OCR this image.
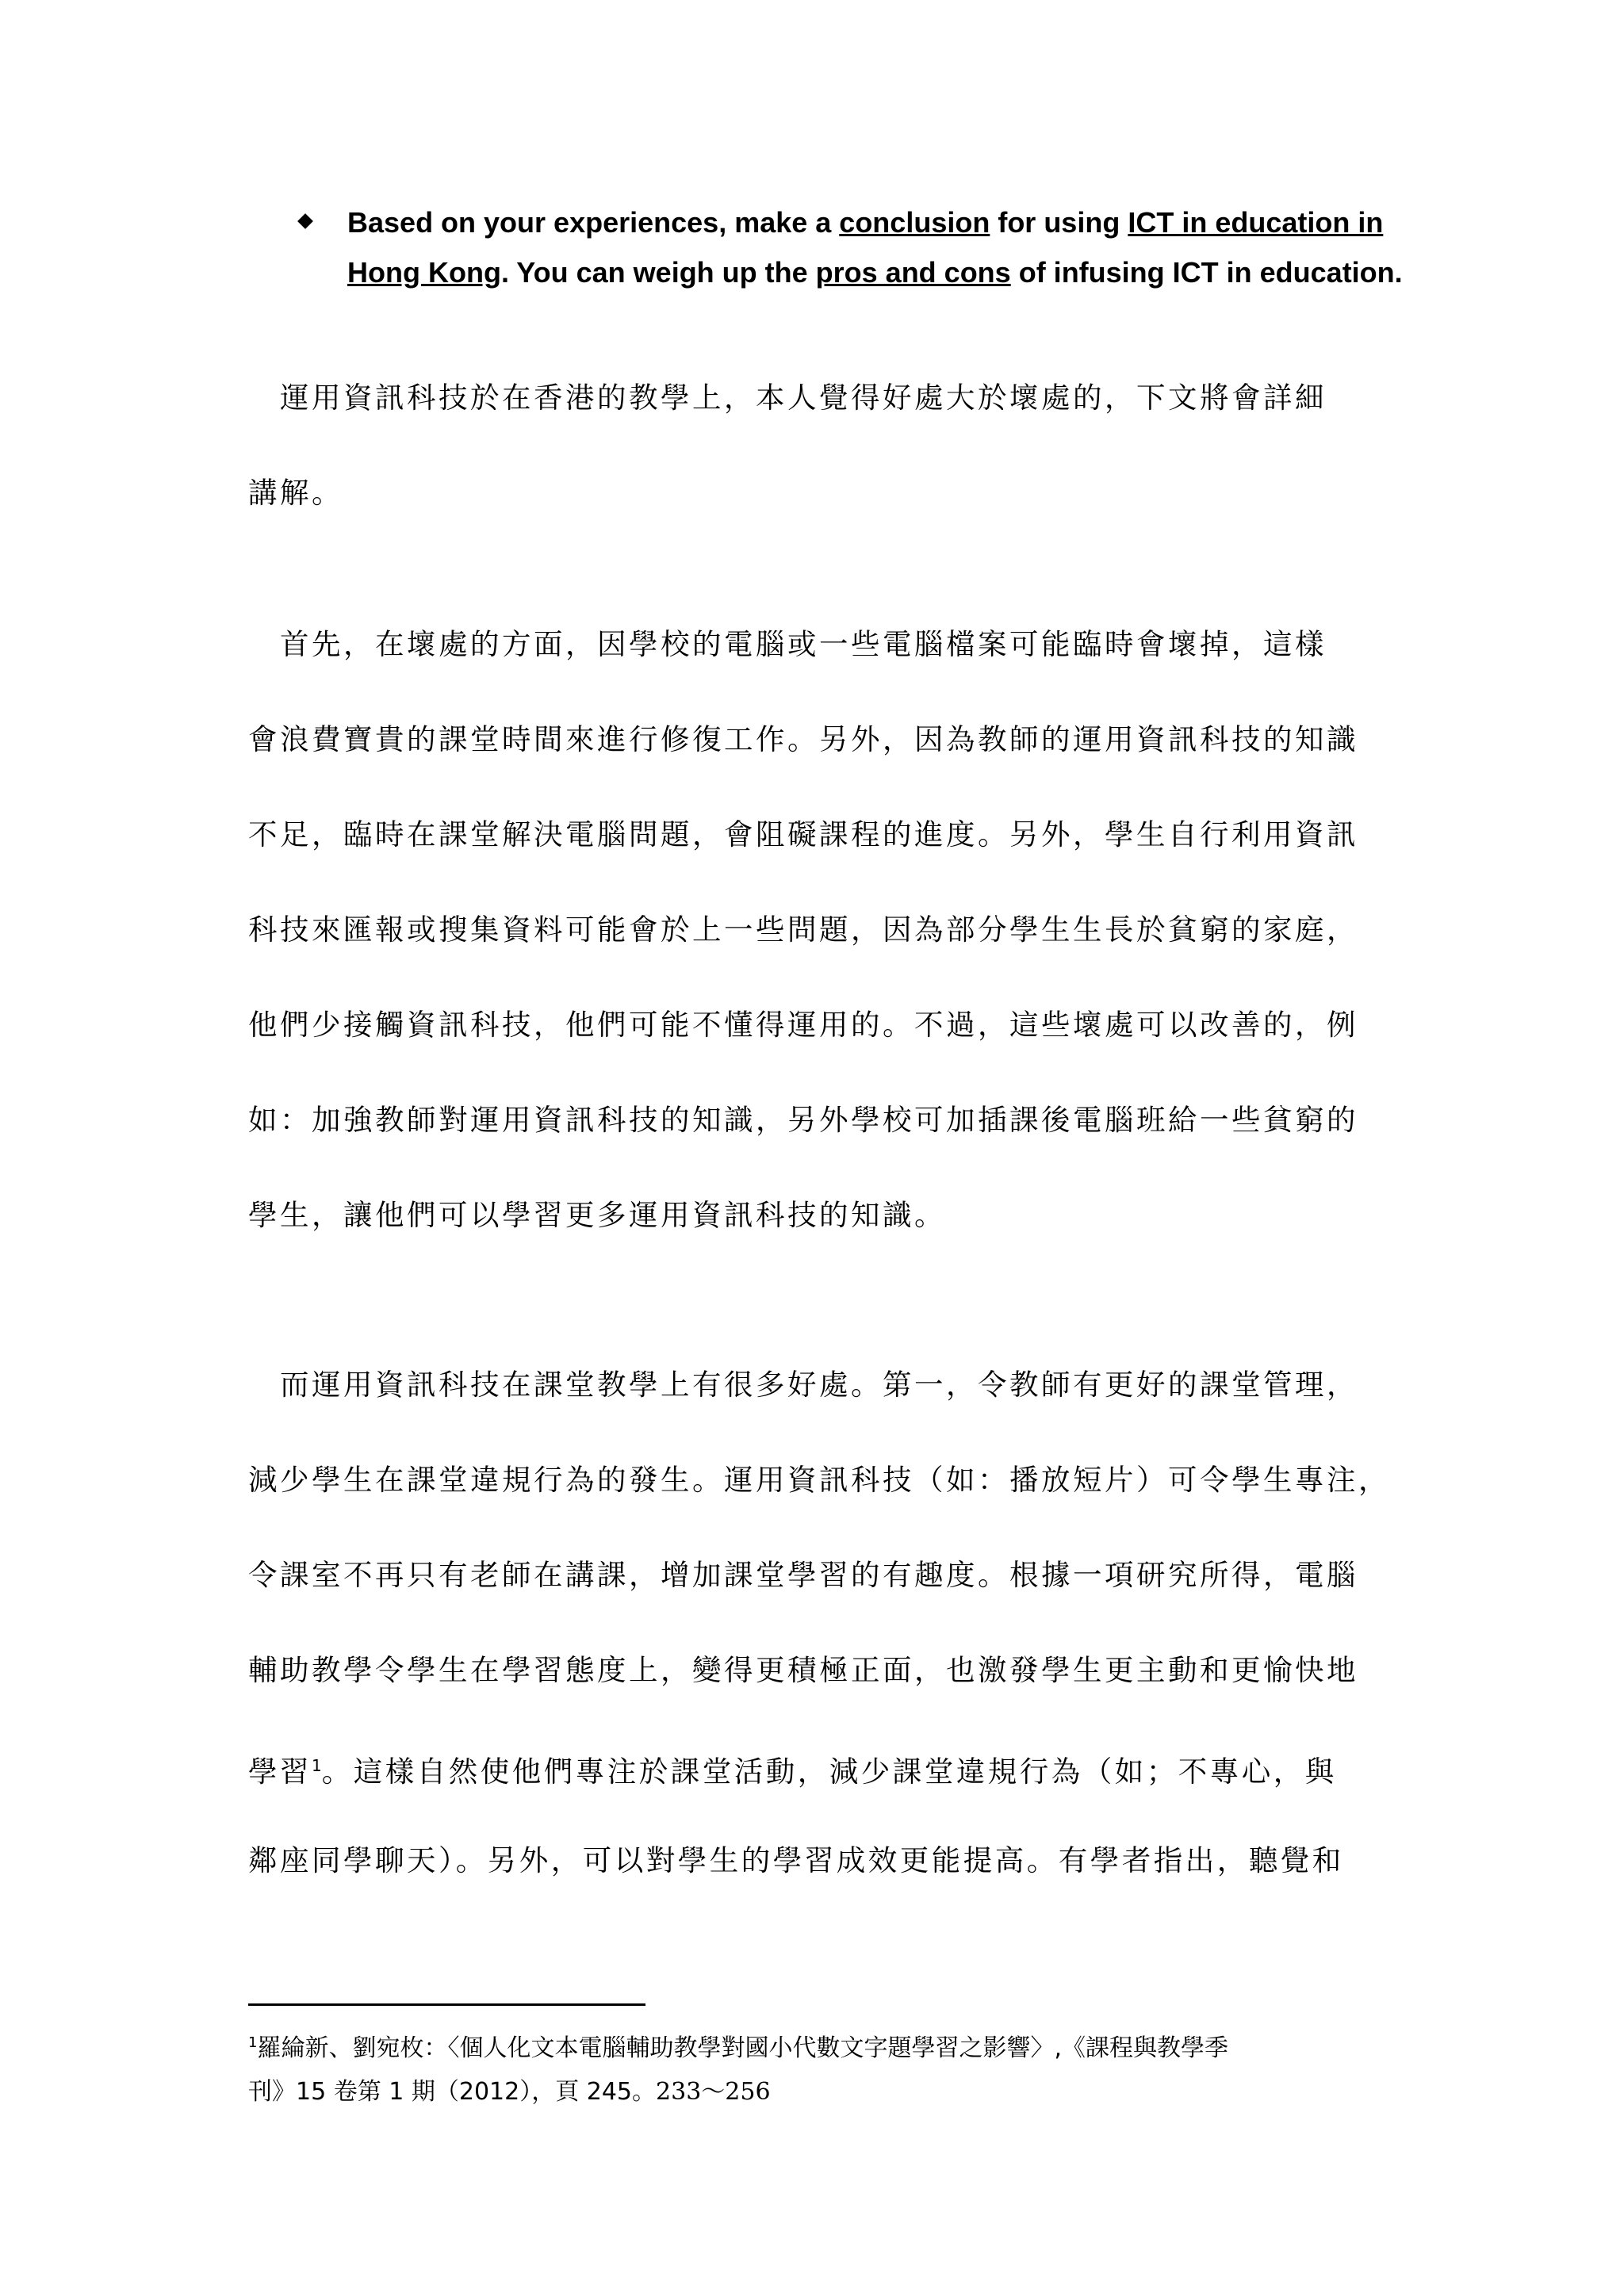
Based on your experiences, make a conclusion for using ICT in education in
Hong Kong. You can weigh up the pros and cons of infusing ICT in education.
　運用資訊科技於在香港的教學上，本人覺得好處大於壞處的，下文將會詳細
講解。
　首先，在壞處的方面，因學校的電腦或一些電腦檔案可能臨時會壞掉，這樣
會浪費寶貴的課堂時間來進行修復工作。另外，因為教師的運用資訊科技的知識
不足，臨時在課堂解決電腦問題，會阻礙課程的進度。另外，學生自行利用資訊
科技來匯報或搜集資料可能會於上一些問題，因為部分學生生長於貧窮的家庭，
他們少接觸資訊科技，他們可能不懂得運用的。不過，這些壞處可以改善的，例
如：加強教師對運用資訊科技的知識，另外學校可加插課後電腦班給一些貧窮的
學生，讓他們可以學習更多運用資訊科技的知識。
　而運用資訊科技在課堂教學上有很多好處。第一，令教師有更好的課堂管理，
減少學生在課堂違規行為的發生。運用資訊科技（如：播放短片）可令學生專注，
令課室不再只有老師在講課，增加課堂學習的有趣度。根據一項研究所得，電腦
輔助教學令學生在學習態度上，變得更積極正面，也激發學生更主動和更愉快地
學習$^1$。這樣自然使他們專注於課堂活動，減少課堂違規行為（如；不專心，與
鄰座同學聊天）。另外，可以對學生的學習成效更能提高。有學者指出，聽覺和
$^1$羅綸新、劉宛枚：〈個人化文本電腦輔助教學對國小代數文字題學習之影響〉,《課程與教學季
刊》15 卷第 1 期（2012），頁 245。233～256
